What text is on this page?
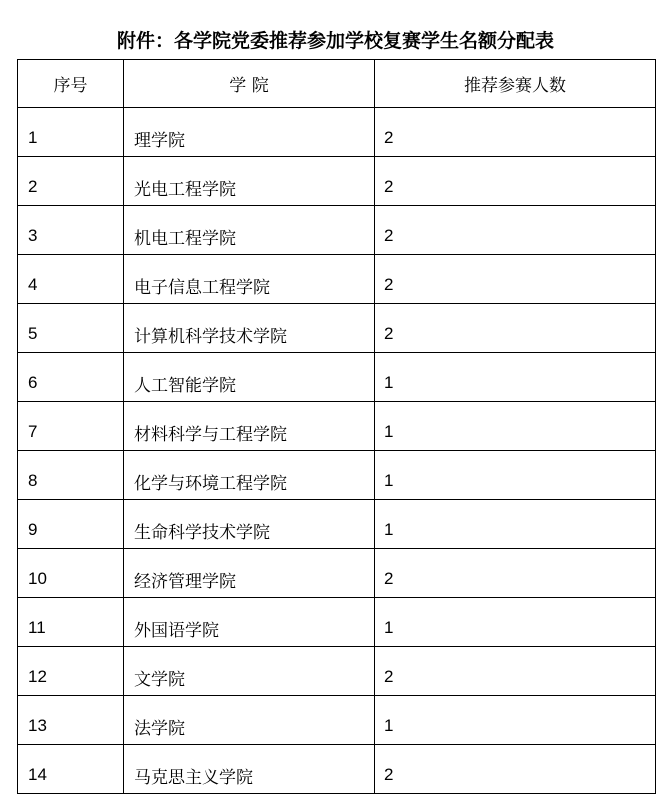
附件：各学院党委推荐参加学校复赛学生名额分配表
序号	学 院	推荐参赛人数
1	理学院	2
2	光电工程学院	2
3	机电工程学院	2
4	电子信息工程学院	2
5	计算机科学技术学院	2
6	人工智能学院	1
7	材料科学与工程学院	1
8	化学与环境工程学院	1
9	生命科学技术学院	1
10	经济管理学院	2
11	外国语学院	1
12	文学院	2
13	法学院	1
14	马克思主义学院	2
